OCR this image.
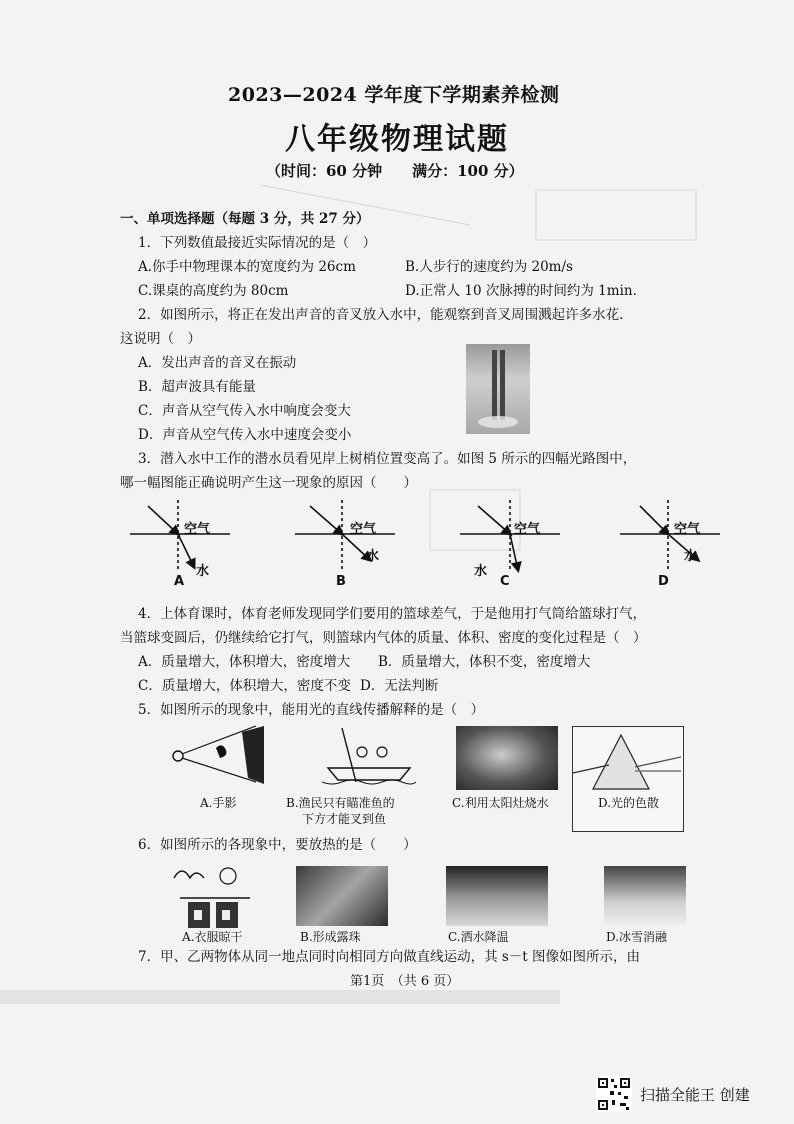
2023—2024 学年度下学期素养检测
八年级物理试题
（时间：60 分钟　　满分：100 分）
一、单项选择题（每题 3 分，共 27 分）
1．下列数值最接近实际情况的是（　）
A.你手中物理课本的宽度约为 26cm	B.人步行的速度约为 20m/s
C.课桌的高度约为 80cm	D.正常人 10 次脉搏的时间约为 1min.
2．如图所示，将正在发出声音的音叉放入水中，能观察到音叉周围溅起许多水花.
这说明（　）
A．发出声音的音叉在振动
B．超声波具有能量
C．声音从空气传入水中响度会变大
D．声音从空气传入水中速度会变小
3．潜入水中工作的潜水员看见岸上树梢位置变高了。如图 5 所示的四幅光路图中，
哪一幅图能正确说明产生这一现象的原因（　　）
空气
水
A
空气
水
B
空气
水
C
空气
水
D
4．上体育课时，体育老师发现同学们要用的篮球差气，于是他用打气筒给篮球打气，
当篮球变圆后，仍继续给它打气，则篮球内气体的质量、体积、密度的变化过程是（　）
A．质量增大，体积增大，密度增大 B．质量增大，体积不变，密度增大
C．质量增大，体积增大，密度不变 D．无法判断
5．如图所示的现象中，能用光的直线传播解释的是（　）
A.手影	B.渔民只有瞄准鱼的
下方才能叉到鱼
C.利用太阳灶烧水	D.光的色散
6．如图所示的各现象中，要放热的是（　　）
A.衣服晾干	B.形成露珠	C.洒水降温	D.冰雪消融
7．甲、乙两物体从同一地点同时向相同方向做直线运动，其 s－t 图像如图所示，由
第1页　（共 6 页）
扫描全能王 创建
